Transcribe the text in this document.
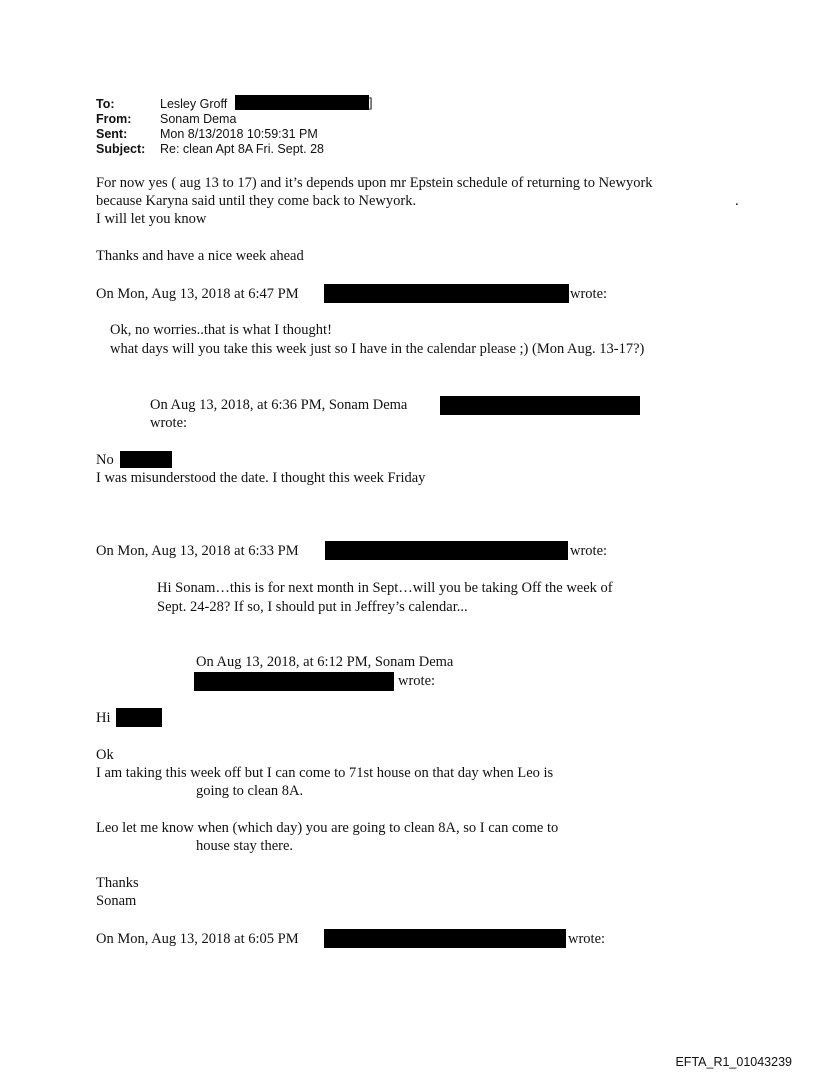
To:	Lesley Groff	]
From: Sonam Dema
Sent:	Mon 8/13/2018 10:59:31 PM
Subject: Re: clean Apt 8A Fri. Sept. 28
For now yes ( aug 13 to 17) and it’s depends upon mr Epstein schedule of returning to Newyork
because Karyna said until they come back to Newyork.	.
I will let you know
Thanks and have a nice week ahead
On Mon, Aug 13, 2018 at 6:47 PM	wrote:
Ok, no worries..that is what I thought!
what days will you take this week just so I have in the calendar please ;) (Mon Aug. 13-17?)
On Aug 13, 2018, at 6:36 PM, Sonam Dema
wrote:
No
I was misunderstood the date. I thought this week Friday
On Mon, Aug 13, 2018 at 6:33 PM	wrote:
Hi Sonam…this is for next month in Sept…will you be taking Off the week of
Sept. 24-28? If so, I should put in Jeffrey’s calendar...
On Aug 13, 2018, at 6:12 PM, Sonam Dema
wrote:
Hi
Ok
I am taking this week off but I can come to 71st house on that day when Leo is
going to clean 8A.
Leo let me know when (which day) you are going to clean 8A, so I can come to
house stay there.
Thanks
Sonam
On Mon, Aug 13, 2018 at 6:05 PM	wrote:
EFTA_R1_01043239
